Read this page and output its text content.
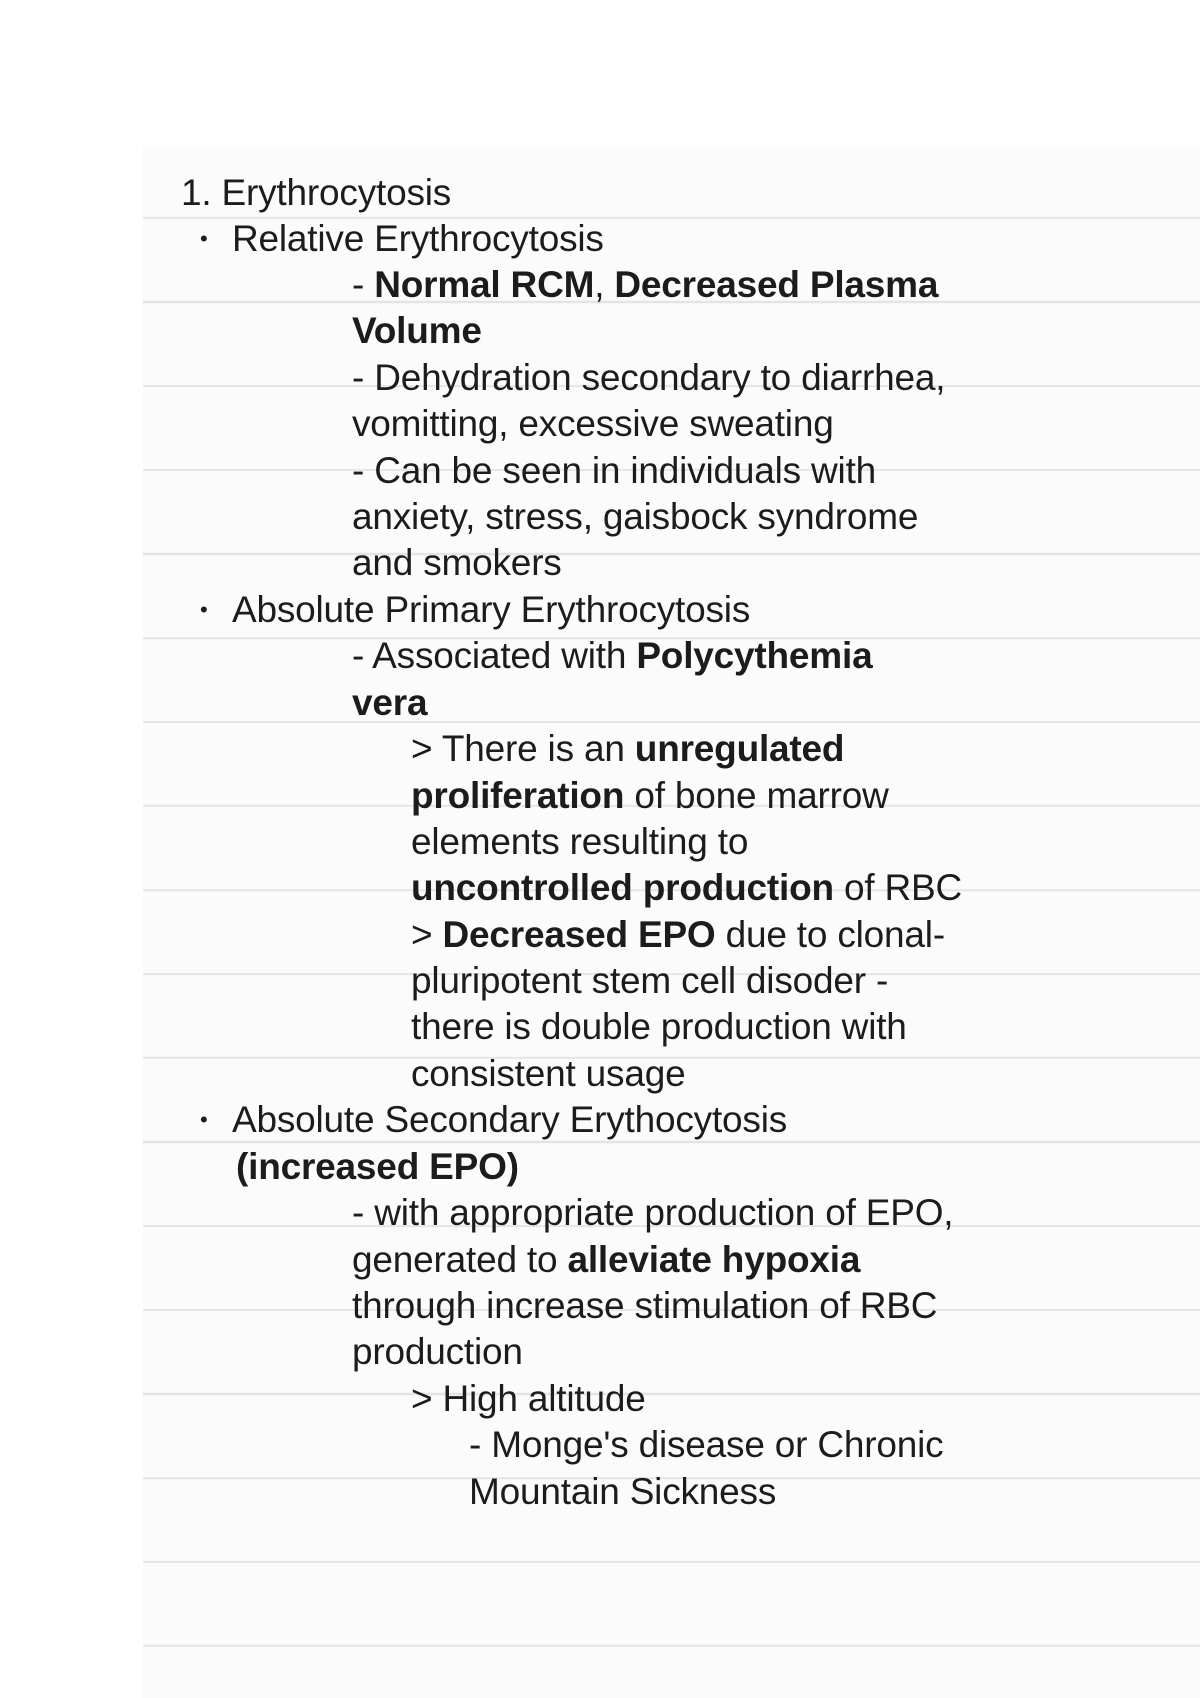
1. Erythrocytosis
• Relative Erythrocytosis
- Normal RCM, Decreased Plasma
Volume
- Dehydration secondary to diarrhea,
vomitting, excessive sweating
- Can be seen in individuals with
anxiety, stress, gaisbock syndrome
and smokers
• Absolute Primary Erythrocytosis
- Associated with Polycythemia
vera
> There is an unregulated
proliferation of bone marrow
elements resulting to
uncontrolled production of RBC
> Decreased EPO due to clonal-
pluripotent stem cell disoder -
there is double production with
consistent usage
• Absolute Secondary Erythocytosis
(increased EPO)
- with appropriate production of EPO,
generated to alleviate hypoxia
through increase stimulation of RBC
production
> High altitude
- Monge's disease or Chronic
Mountain Sickness
